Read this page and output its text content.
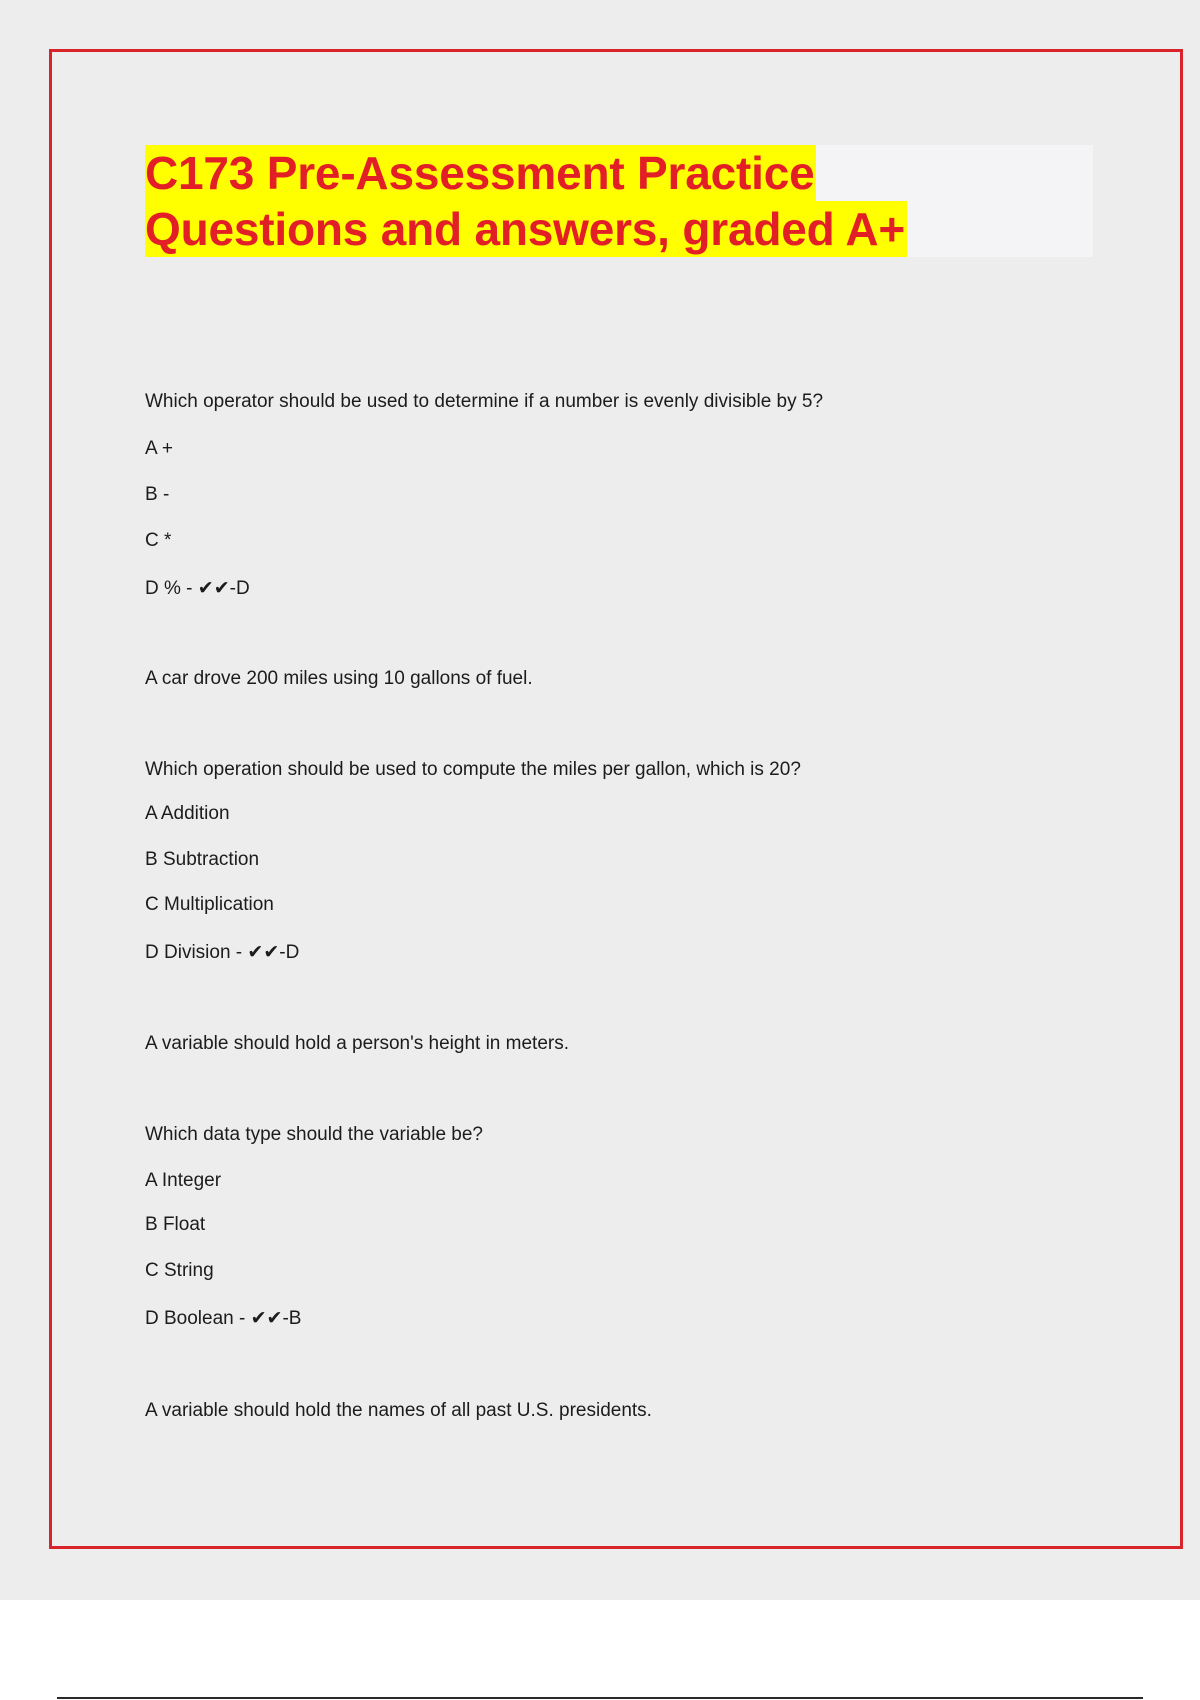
C173 Pre-Assessment Practice
Questions and answers, graded A+
Which operator should be used to determine if a number is evenly divisible by 5?
A +
B -
C *
D % - ✔✔-D
A car drove 200 miles using 10 gallons of fuel.
Which operation should be used to compute the miles per gallon, which is 20?
A Addition
B Subtraction
C Multiplication
D Division - ✔✔-D
A variable should hold a person's height in meters.
Which data type should the variable be?
A Integer
B Float
C String
D Boolean - ✔✔-B
A variable should hold the names of all past U.S. presidents.
